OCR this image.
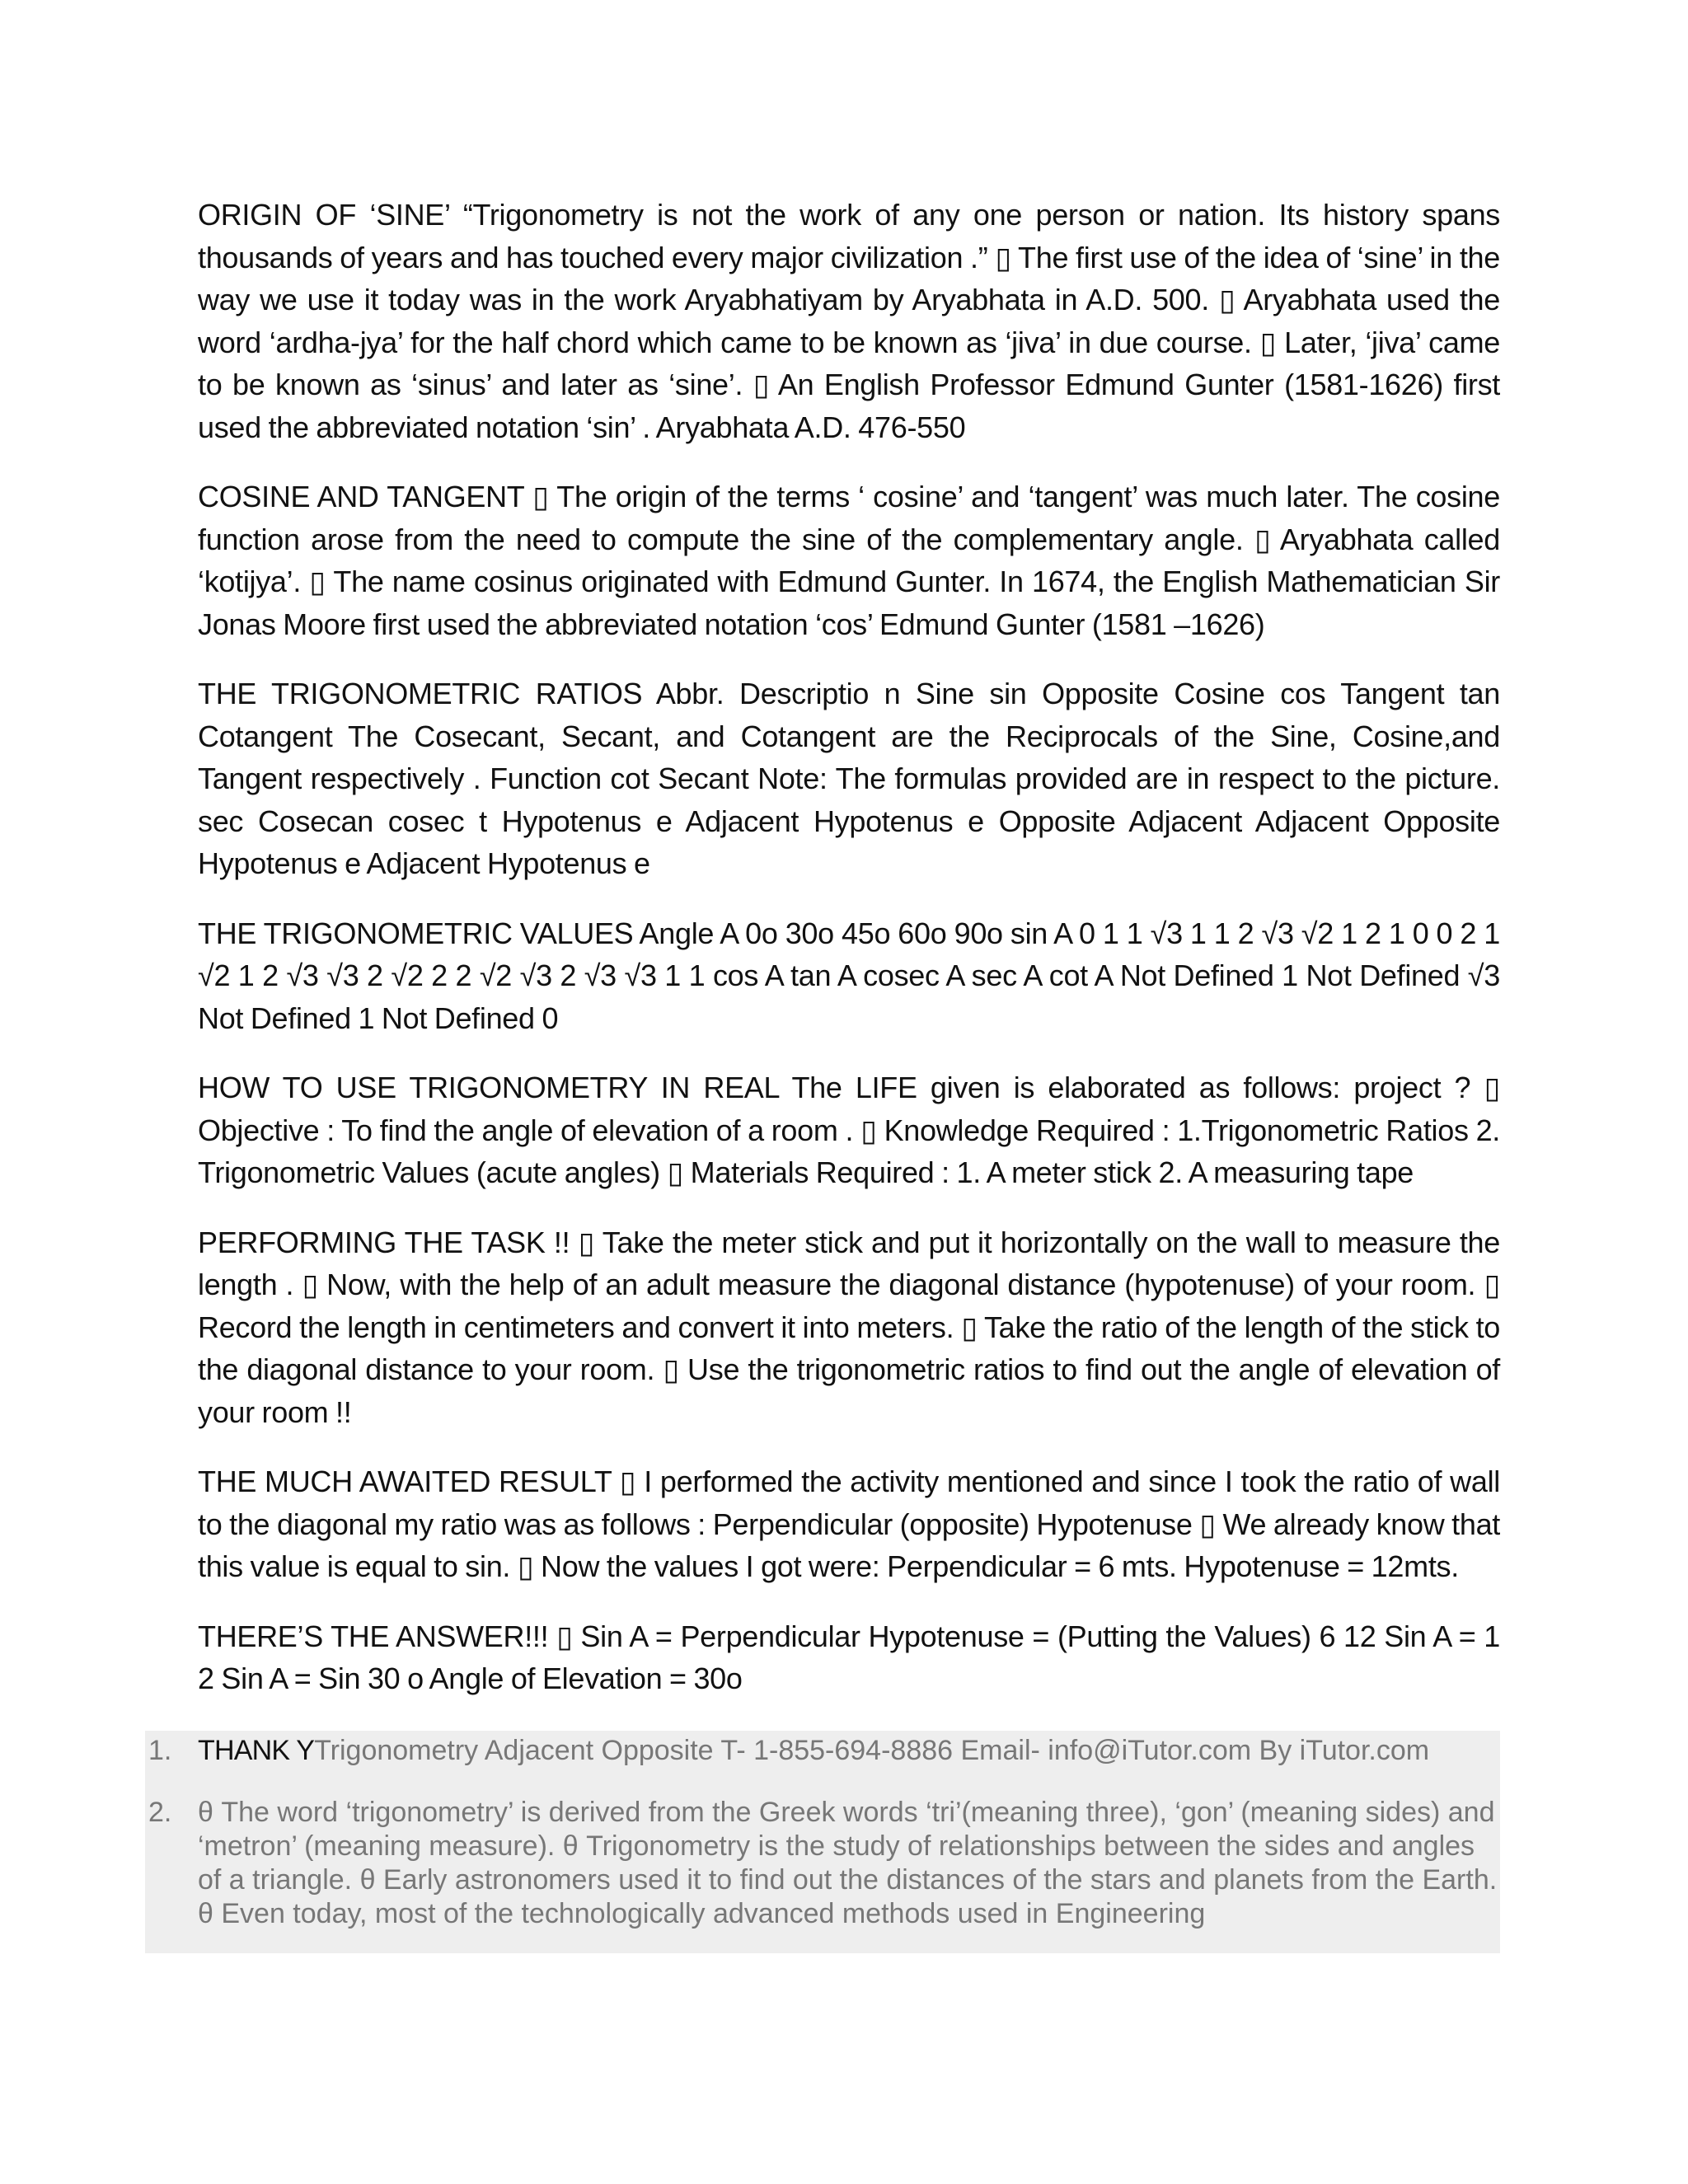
ORIGIN OF ‘SINE’ “Trigonometry is not the work of any one person or nation. Its history spans thousands of years and has touched every major civilization .” ▯ The first use of the idea of ‘sine’ in the way we use it today was in the work Aryabhatiyam by Aryabhata in A.D. 500. ▯ Aryabhata used the word ‘ardha-jya’ for the half chord which came to be known as ‘jiva’ in due course. ▯ Later, ‘jiva’ came to be known as ‘sinus’ and later as ‘sine’. ▯ An English Professor Edmund Gunter (1581-1626) first used the abbreviated notation ‘sin’ . Aryabhata A.D. 476-550

COSINE AND TANGENT ▯ The origin of the terms ‘ cosine’ and ‘tangent’ was much later. The cosine function arose from the need to compute the sine of the complementary angle. ▯ Aryabhata called ‘kotijya’. ▯ The name cosinus originated with Edmund Gunter. In 1674, the English Mathematician Sir Jonas Moore first used the abbreviated notation ‘cos’ Edmund Gunter (1581 –1626)

THE TRIGONOMETRIC RATIOS Abbr. Descriptio n Sine sin Opposite Cosine cos Tangent tan Cotangent The Cosecant, Secant, and Cotangent are the Reciprocals of the Sine, Cosine,and Tangent respectively . Function cot Secant Note: The formulas provided are in respect to the picture. sec Cosecan cosec t Hypotenus e Adjacent Hypotenus e Opposite Adjacent Adjacent Opposite Hypotenus e Adjacent Hypotenus e

THE TRIGONOMETRIC VALUES Angle A 0o 30o 45o 60o 90o sin A 0 1 1 √3 1 1 2 √3 √2 1 2 1 0 0 2 1 √2 1 2 √3 √3 2 √2 2 2 √2 √3 2 √3 √3 1 1 cos A tan A cosec A sec A cot A Not Defined 1 Not Defined √3 Not Defined 1 Not Defined 0

HOW TO USE TRIGONOMETRY IN REAL The LIFE given is elaborated as follows: project ? ▯ Objective : To find the angle of elevation of a room . ▯ Knowledge Required : 1.Trigonometric Ratios 2. Trigonometric Values (acute angles) ▯ Materials Required : 1. A meter stick 2. A measuring tape

PERFORMING THE TASK !! ▯ Take the meter stick and put it horizontally on the wall to measure the length . ▯ Now, with the help of an adult measure the diagonal distance (hypotenuse) of your room. ▯ Record the length in centimeters and convert it into meters. ▯ Take the ratio of the length of the stick to the diagonal distance to your room. ▯ Use the trigonometric ratios to find out the angle of elevation of your room !!

THE MUCH AWAITED RESULT ▯ I performed the activity mentioned and since I took the ratio of wall to the diagonal my ratio was as follows : Perpendicular (opposite) Hypotenuse ▯ We already know that this value is equal to sin. ▯ Now the values I got were: Perpendicular = 6 mts. Hypotenuse = 12mts.

THERE’S THE ANSWER!!! ▯ Sin A = Perpendicular Hypotenuse = (Putting the Values) 6 12 Sin A = 1 2 Sin A = Sin 30 o Angle of Elevation = 30o

1. THANK YTrigonometry Adjacent Opposite T- 1-855-694-8886 Email- info@iTutor.com By iTutor.com
2. θ The word ‘trigonometry’ is derived from the Greek words ‘tri’(meaning three), ‘gon’ (meaning sides) and ‘metron’ (meaning measure). θ Trigonometry is the study of relationships between the sides and angles of a triangle. θ Early astronomers used it to find out the distances of the stars and planets from the Earth. θ Even today, most of the technologically advanced methods used in Engineering
